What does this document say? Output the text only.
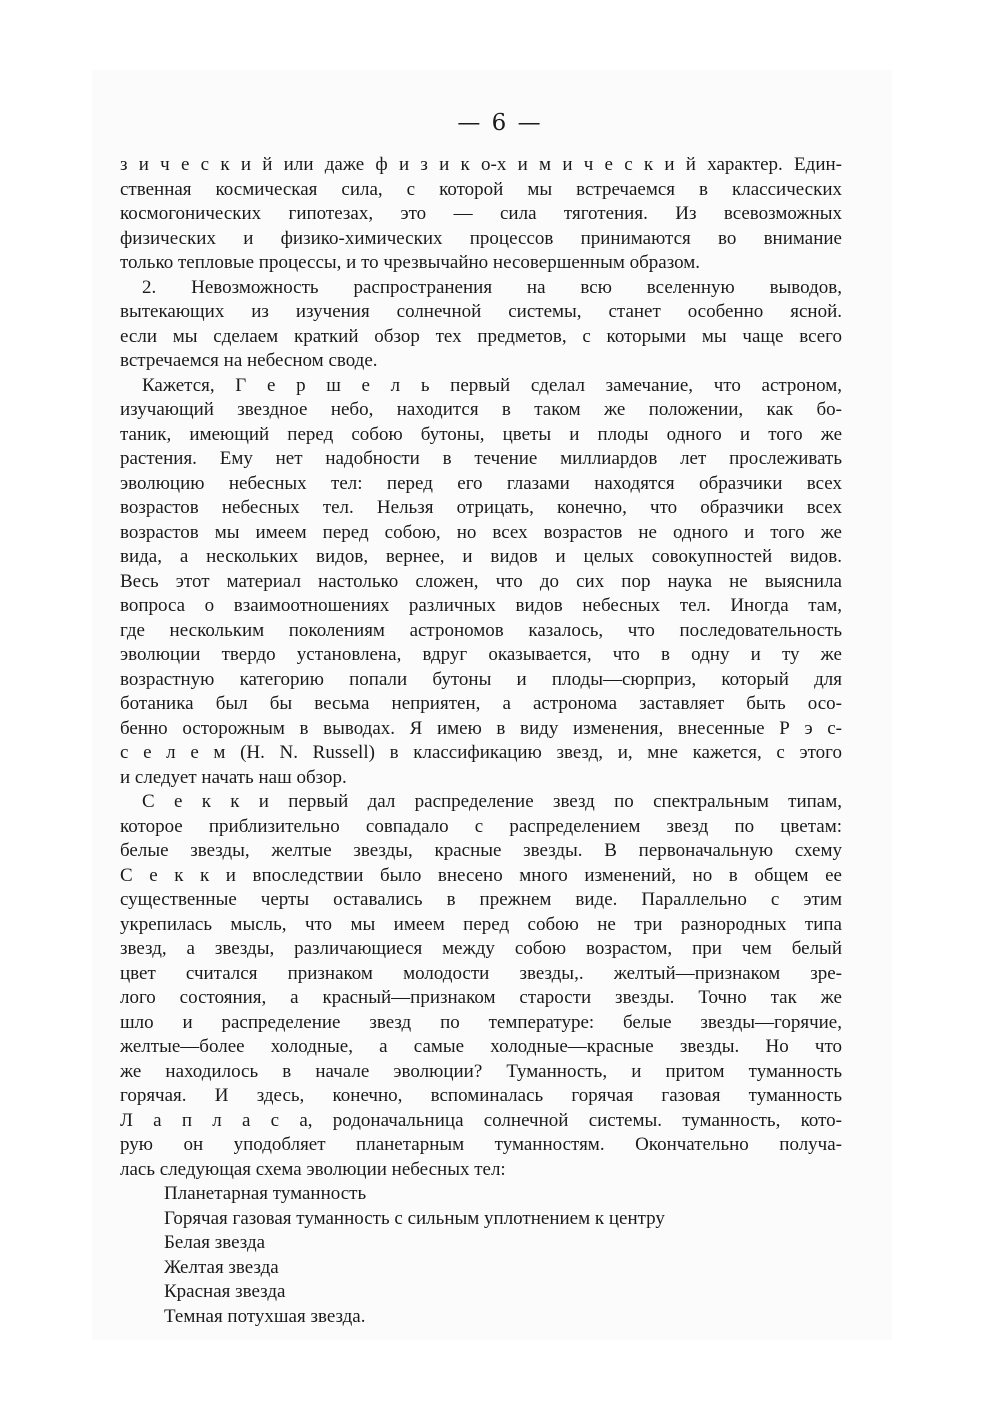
— 6 —
з и ч е с к и й или даже ф и з и к о-х и м и ч е с к и й характер. Един-
ственная космическая сила, с которой мы встречаемся в классических
космогонических гипотезах, это — сила тяготения. Из всевозможных
физических и физико-химических процессов принимаются во внимание
только тепловые процессы, и то чрезвычайно несовершенным образом.
2. Невозможность распространения на всю вселенную выводов,
вытекающих из изучения солнечной системы, станет особенно ясной.
если мы сделаем краткий обзор тех предметов, с которыми мы чаще всего
встречаемся на небесном своде.
Кажется, Г е р ш е л ь первый сделал замечание, что астроном,
изучающий звездное небо, находится в таком же положении, как бо-
таник, имеющий перед собою бутоны, цветы и плоды одного и того же
растения. Ему нет надобности в течение миллиардов лет прослеживать
эволюцию небесных тел: перед его глазами находятся образчики всех
возрастов небесных тел. Нельзя отрицать, конечно, что образчики всех
возрастов мы имеем перед собою, но всех возрастов не одного и того же
вида, а нескольких видов, вернее, и видов и целых совокупностей видов.
Весь этот материал настолько сложен, что до сих пор наука не выяснила
вопроса о взаимоотношениях различных видов небесных тел. Иногда там,
где нескольким поколениям астрономов казалось, что последовательность
эволюции твердо установлена, вдруг оказывается, что в одну и ту же
возрастную категорию попали бутоны и плоды—сюрприз, который для
ботаника был бы весьма неприятен, а астронома заставляет быть осо-
бенно осторожным в выводах. Я имею в виду изменения, внесенные Р э с-
с е л е м (H. N. Russell) в классификацию звезд, и, мне кажется, с этого
и следует начать наш обзор.
С е к к и первый дал распределение звезд по спектральным типам,
которое приблизительно совпадало с распределением звезд по цветам:
белые звезды, желтые звезды, красные звезды. В первоначальную схему
С е к к и впоследствии было внесено много изменений, но в общем ее
существенные черты оставались в прежнем виде. Параллельно с этим
укрепилась мысль, что мы имеем перед собою не три разнородных типа
звезд, а звезды, различающиеся между собою возрастом, при чем белый
цвет считался признаком молодости звезды,. желтый—признаком зре-
лого состояния, а красный—признаком старости звезды. Точно так же
шло и распределение звезд по температуре: белые звезды—горячие,
желтые—более холодные, а самые холодные—красные звезды. Но что
же находилось в начале эволюции? Туманность, и притом туманность
горячая. И здесь, конечно, вспоминалась горячая газовая туманность
Л а п л а с а, родоначальница солнечной системы. туманность, кото-
рую он уподобляет планетарным туманностям. Окончательно получа-
лась следующая схема эволюции небесных тел:
Планетарная туманность
Горячая газовая туманность с сильным уплотнением к центру
Белая звезда
Желтая звезда
Красная звезда
Темная потухшая звезда.
